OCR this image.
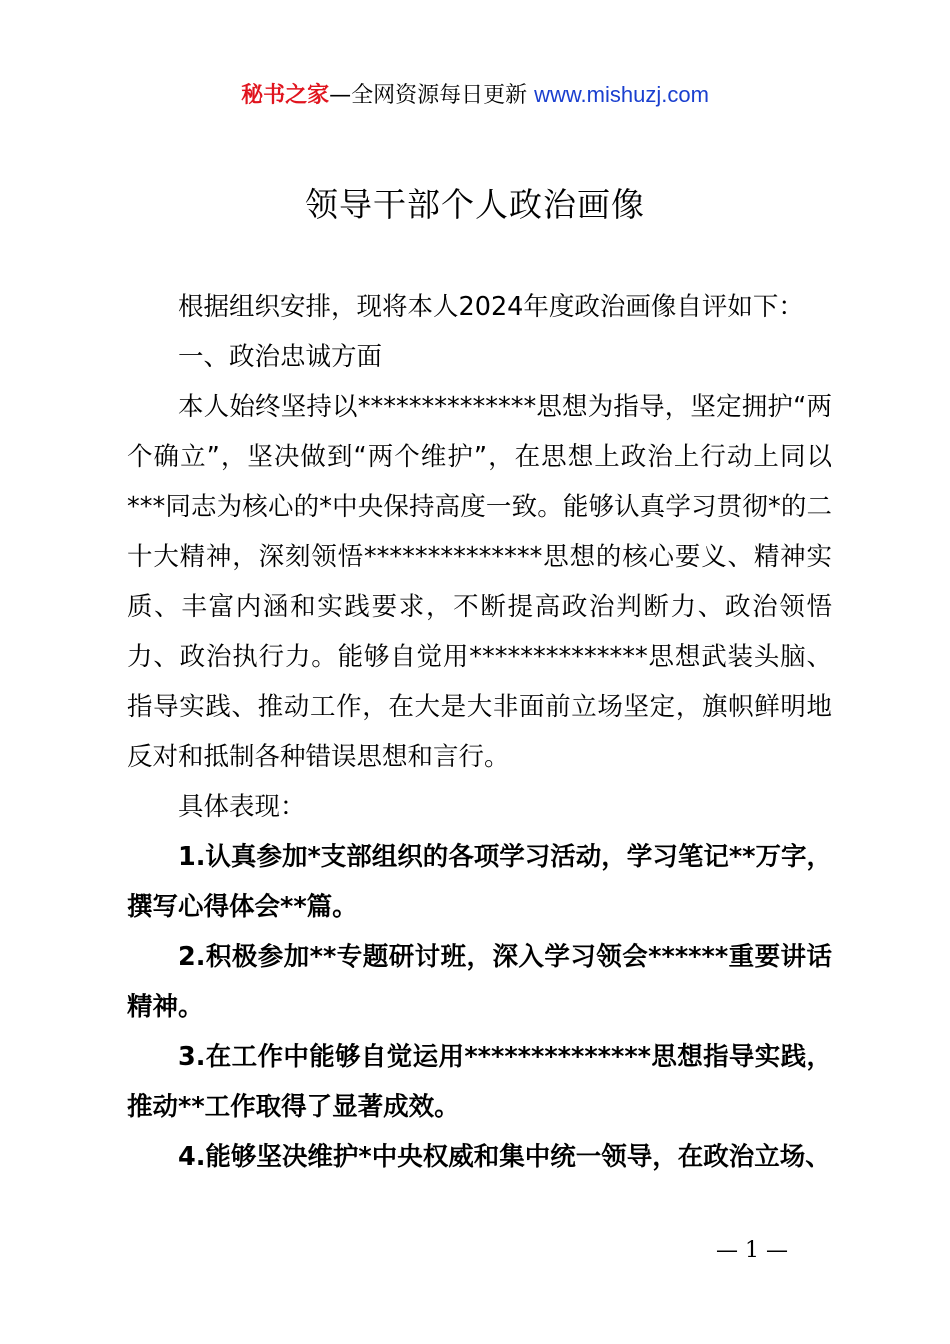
秘书之家—全网资源每日更新 www.mishuzj.com
领导干部个人政治画像

根据组织安排，现将本人2024年度政治画像自评如下：

一、政治忠诚方面

本人始终坚持以**************思想为指导，坚定拥护“两个确立”，坚决做到“两个维护”，在思想上政治上行动上同以***同志为核心的*中央保持高度一致。能够认真学习贯彻*的二十大精神，深刻领悟**************思想的核心要义、精神实质、丰富内涵和实践要求，不断提高政治判断力、政治领悟力、政治执行力。能够自觉用**************思想武装头脑、指导实践、推动工作，在大是大非面前立场坚定，旗帜鲜明地反对和抵制各种错误思想和言行。

具体表现：

1.认真参加*支部组织的各项学习活动，学习笔记**万字，撰写心得体会**篇。

2.积极参加**专题研讨班，深入学习领会******重要讲话精神。

3.在工作中能够自觉运用**************思想指导实践，推动**工作取得了显著成效。

4.能够坚决维护*中央权威和集中统一领导，在政治立场、

— 1 —
